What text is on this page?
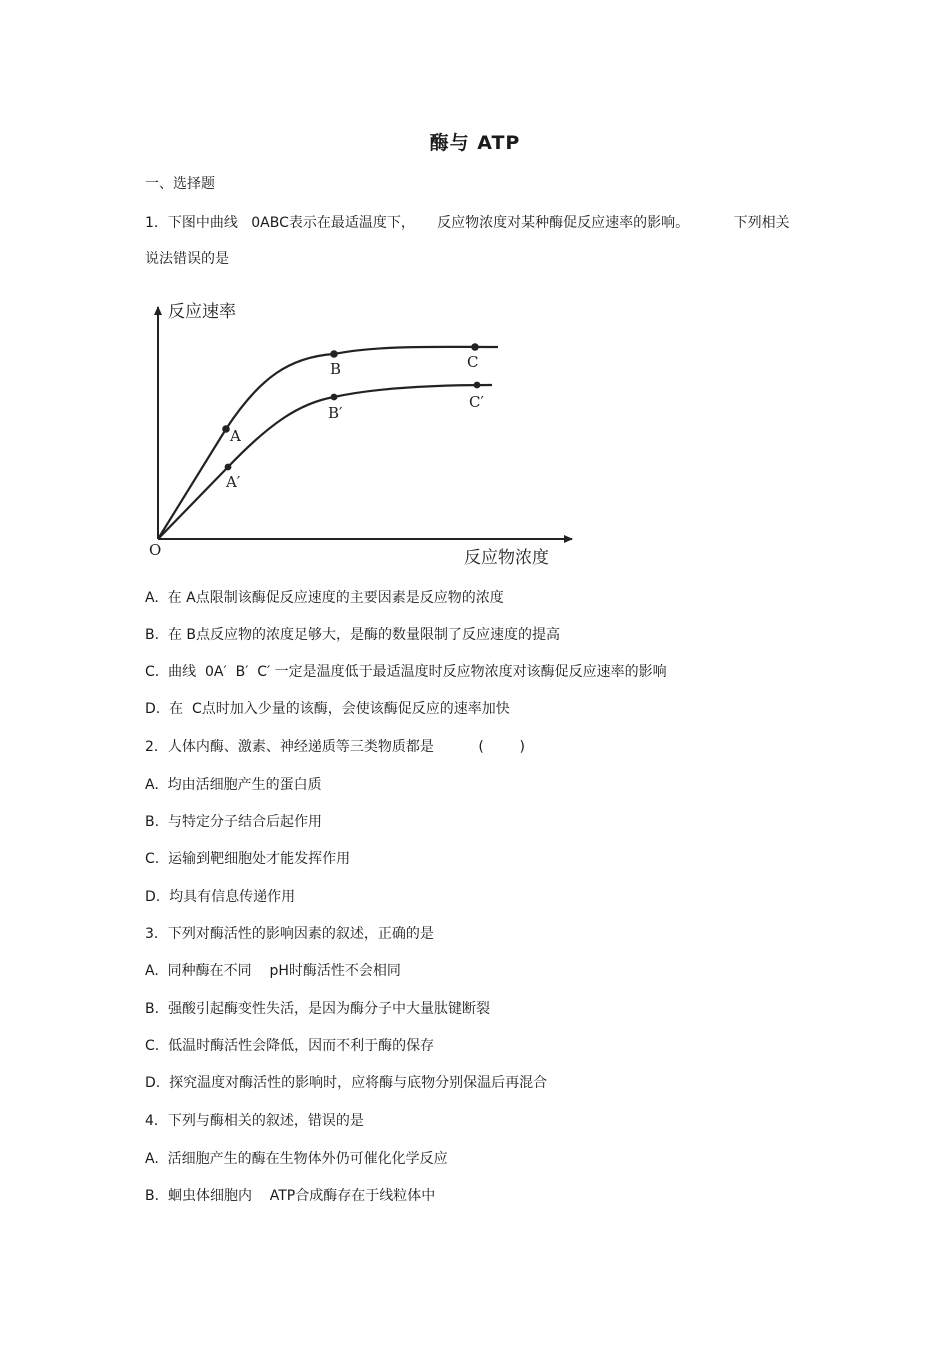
酶与 ATP
一、选择题
1．下图中曲线   0ABC表示在最适温度下，     反应物浓度对某种酶促反应速率的影响。          下列相关
说法错误的是
A.  在 A点限制该酶促反应速度的主要因素是反应物的浓度
B.  在 B点反应物的浓度足够大，是酶的数量限制了反应速度的提高
C.  曲线  0A′  B′  C′ 一定是温度低于最适温度时反应物浓度对该酶促反应速率的影响
D.  在  C点时加入少量的该酶，会使该酶促反应的速率加快
2．人体内酶、激素、神经递质等三类物质都是          (        )
A.  均由活细胞产生的蛋白质
B.  与特定分子结合后起作用
C.  运输到靶细胞处才能发挥作用
D.  均具有信息传递作用
3．下列对酶活性的影响因素的叙述，正确的是
A.  同种酶在不同    pH时酶活性不会相同
B.  强酸引起酶变性失活，是因为酶分子中大量肽键断裂
C.  低温时酶活性会降低，因而不利于酶的保存
D.  探究温度对酶活性的影响时，应将酶与底物分别保温后再混合
4．下列与酶相关的叙述，错误的是
A.  活细胞产生的酶在生物体外仍可催化化学反应
B.  蛔虫体细胞内    ATP合成酶存在于线粒体中
反应速率
反应物浓度
O
A
B	C
A′
B′
C′
